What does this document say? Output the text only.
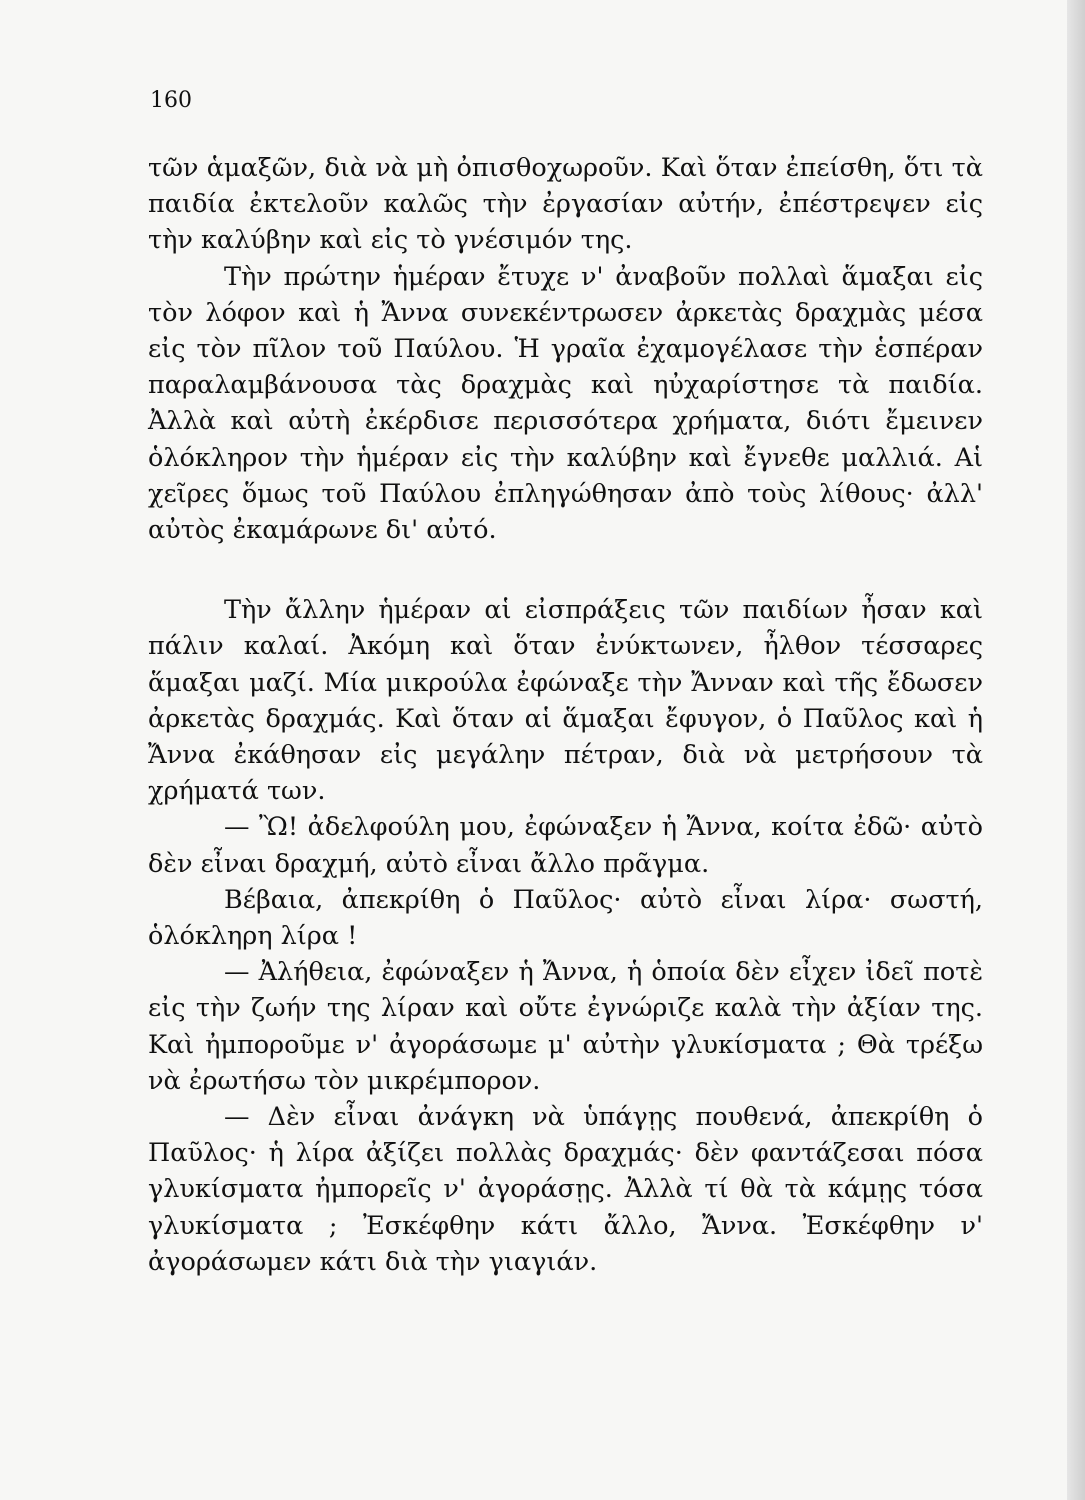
160

τῶν ἁμαξῶν, διὰ νὰ μὴ ὀπισθοχωροῦν. Καὶ ὅταν ἐπείσθη, ὅτι τὰ παιδία ἐκτελοῦν καλῶς τὴν ἐργασίαν αὐτήν, ἐπέστρεψεν εἰς τὴν καλύβην καὶ εἰς τὸ γνέσιμόν της.

Τὴν πρώτην ἡμέραν ἔτυχε ν' ἀναβοῦν πολλαὶ ἅμαξαι εἰς τὸν λόφον καὶ ἡ Ἄννα συνεκέντρωσεν ἀρκετὰς δραχμὰς μέσα εἰς τὸν πῖλον τοῦ Παύλου. Ἡ γραῖα ἐχαμογέλασε τὴν ἑσπέραν παραλαμβάνουσα τὰς δραχμὰς καὶ ηὐχαρίστησε τὰ παιδία. Ἀλλὰ καὶ αὐτὴ ἐκέρδισε περισσότερα χρήματα, διότι ἔμεινεν ὁλόκληρον τὴν ἡμέραν εἰς τὴν καλύβην καὶ ἔγνεθε μαλλιά. Αἱ χεῖρες ὅμως τοῦ Παύλου ἐπληγώθησαν ἀπὸ τοὺς λίθους· ἀλλ' αὐτὸς ἐκαμάρωνε δι' αὐτό.

Τὴν ἄλλην ἡμέραν αἱ εἰσπράξεις τῶν παιδίων ἦσαν καὶ πάλιν καλαί. Ἀκόμη καὶ ὅταν ἐνύκτωνεν, ἦλθον τέσσαρες ἅμαξαι μαζί. Μία μικρούλα ἐφώναξε τὴν Ἄνναν καὶ τῆς ἔδωσεν ἀρκετὰς δραχμάς. Καὶ ὅταν αἱ ἅμαξαι ἔφυγον, ὁ Παῦλος καὶ ἡ Ἄννα ἐκάθησαν εἰς μεγάλην πέτραν, διὰ νὰ μετρήσουν τὰ χρήματά των.

— Ὢ! ἀδελφούλη μου, ἐφώναξεν ἡ Ἄννα, κοίτα ἐδῶ· αὐτὸ δὲν εἶναι δραχμή, αὐτὸ εἶναι ἄλλο πρᾶγμα.

Βέβαια, ἀπεκρίθη ὁ Παῦλος· αὐτὸ εἶναι λίρα· σωστή, ὁλόκληρη λίρα !

— Ἀλήθεια, ἐφώναξεν ἡ Ἄννα, ἡ ὁποία δὲν εἶχεν ἰδεῖ ποτὲ εἰς τὴν ζωήν της λίραν καὶ οὔτε ἐγνώριζε καλὰ τὴν ἀξίαν της. Καὶ ἠμποροῦμε ν' ἀγοράσωμε μ' αὐτὴν γλυκίσματα ; Θὰ τρέξω νὰ ἐρωτήσω τὸν μικρέμπορον.

— Δὲν εἶναι ἀνάγκη νὰ ὑπάγῃς πουθενά, ἀπεκρίθη ὁ Παῦλος· ἡ λίρα ἀξίζει πολλὰς δραχμάς· δὲν φαντάζεσαι πόσα γλυκίσματα ἠμπορεῖς ν' ἀγοράσῃς. Ἀλλὰ τί θὰ τὰ κάμῃς τόσα γλυκίσματα ; Ἐσκέφθην κάτι ἄλλο, Ἄννα. Ἐσκέφθην ν' ἀγοράσωμεν κάτι διὰ τὴν γιαγιάν.
